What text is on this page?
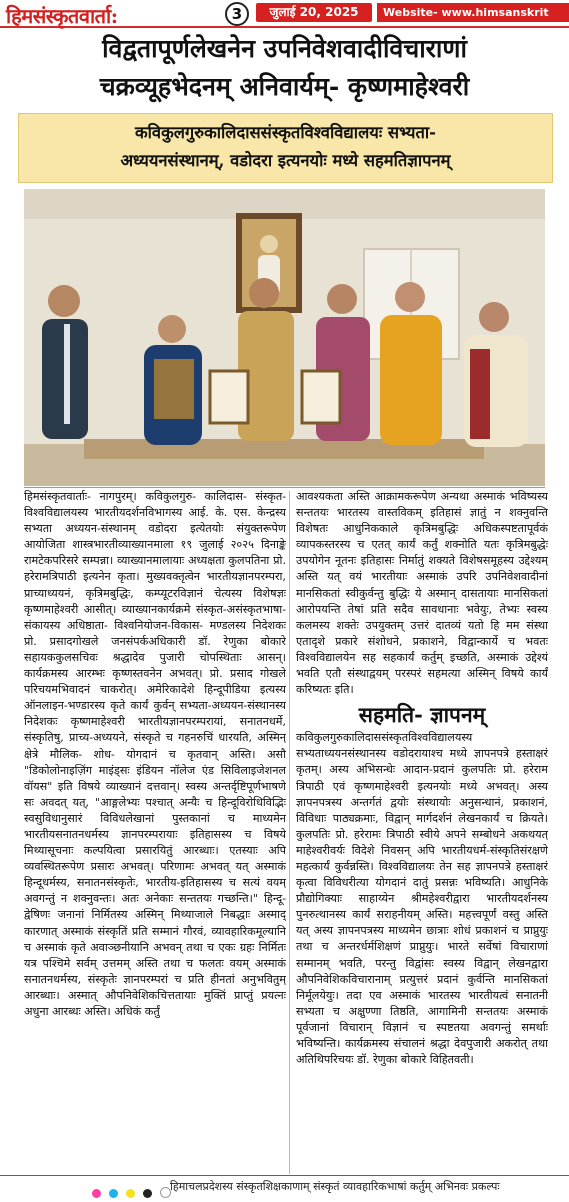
हिमसंस्कृतवार्ता:	3	जुलाई 20, 2025	Website- www.himsanskrit
विद्वतापूर्णलेखनेन उपनिवेशवादीविचाराणां
चक्रव्यूहभेदनम् अनिवार्यम्- कृष्णमाहेश्वरी
कविकुलगुरुकालिदाससंस्कृतविश्वविद्यालयः सभ्यता-
अध्ययनसंस्थानम्, वडोदरा इत्यनयोः मध्ये सहमतिज्ञापनम्

हिमसंस्कृतवार्ताः- नागपुरम्। कविकुलगुरु- कालिदास- संस्कृत- विश्वविद्यालयस्य भारतीयदर्शनविभागस्य आई. के. एस. केन्द्रस्य सभ्यता अध्ययन-संस्थानम् वडोदरा इत्येतयोः संयुक्तरूपेण आयोजिता शास्त्रभारतीव्याख्यानमाला १९ जुलाई २०२५ दिनाङ्के रामटेकपरिसरे सम्पन्ना। व्याख्यानमालायाः अध्यक्षता कुलपतिना प्रो. हरेरामत्रिपाठी इत्यनेन कृता। मुख्यवक्तृत्वेन भारतीयज्ञानपरम्परा, प्राच्याध्ययनं, कृत्रिमबुद्धिः, कम्प्यूटरविज्ञानं चेत्यस्य विशेषज्ञः कृष्णमाहेश्वरी आसीत्। व्याख्यानकार्यक्रमे संस्कृत-असंस्कृतभाषा- संकायस्य अधिष्ठाता- विश्वनियोजन-विकास- मण्डलस्य निदेशकः प्रो. प्रसादगोखले जनसंपर्कअधिकारी डॉ. रेणुका बोकारे सहायककुलसचिवः श्रद्धादेव पुजारी चोपस्थिताः आसन्। कार्यक्रमस्य आरम्भः कृष्णस्तवनेन अभवत्। प्रो. प्रसाद गोखले परिचयमभिवादनं चाकरोत्। अमेरिकादेशे हिन्दूपीडिया इत्यस्य ऑनलाइन-भण्डारस्य कृते कार्यं कुर्वन् सभ्यता-अध्ययन-संस्थानस्य निदेशकः कृष्णमाहेश्वरी भारतीयज्ञानपरम्परायां, सनातनधर्मे, संस्कृतिषु, प्राच्य-अध्ययने, संस्कृते च गहनरुचिं धारयति, अस्मिन् क्षेत्रे मौलिक- शोध- योगदानं च कृतवान् अस्ति। असौ "डिकोलोनाइज़िंग माइंड्सः इंडियन नॉलेज एंड सिविलाइजेशनल वॉयस" इति विषये व्याख्यानं दत्तवान्। स्वस्य अन्तर्दृष्टिपूर्णभाषणे सः अवदत् यत्, "आङ्गलेभ्यः पश्चात् अन्यैः च हिन्दूविरोधिविद्भिः स्वसुविधानुसारं विविधलेखानां पुस्तकानां च माध्यमेन भारतीयसनातनधर्मस्य ज्ञानपरम्परायाः इतिहासस्य च विषये मिथ्यासूचनाः कल्पयित्वा प्रसारयितुं आरब्धाः। एतस्याः अपि व्यवस्थितरूपेण प्रसारः अभवत्। परिणामः अभवत् यत् अस्माकं हिन्दूधर्मस्य, सनातनसंस्कृतेः, भारतीय-इतिहासस्य च सत्यं वयम् अवगन्तुं न शक्नुवन्तः। अतः अनेकाः सन्ततयः गच्छन्ति।" हिन्दू-द्वेषिणः जनानां निर्मितस्य अस्मिन् मिथ्याजाले निबद्धाः अस्माद् कारणात् अस्माकं संस्कृतिं प्रति सम्मानं गौरवं, व्यावहारिकमूल्यानि च अस्माकं कृते अवाञ्छनीयानि अभवन् तथा च एकः ग्रहः निर्मितः यत्र पश्चिमे सर्वम् उत्तमम् अस्ति तथा च फलतः वयम् अस्माकं सनातनधर्मस्य, संस्कृतेः ज्ञानपरम्परां च प्रति हीनतां अनुभवितुम् आरब्धाः। अस्मात् औपनिवेशिकचित्ततायाः मुक्तिं प्राप्तुं प्रयत्नः अधुना आरब्धः अस्ति। अधिकं कर्तुं

आवश्यकता अस्ति आक्रामकरूपेण अन्यथा अस्माकं भविष्यस्य सन्ततयः भारतस्य वास्तविकम् इतिहासं ज्ञातुं न शक्नुवन्ति विशेषतः आधुनिककाले कृत्रिमबुद्धिः अधिकस्पष्टतापूर्वकं व्यापकस्तरस्य च एतत् कार्यं कर्तुं शक्नोति यतः कृत्रिमबुद्धेः उपयोगेन नूतनः इतिहासः निर्मातुं शक्यते विशेषसमूहस्य उद्देश्यम् अस्ति यत् वयं भारतीयाः अस्माकं उपरि उपनिवेशवादीनां मानसिकतां स्वीकुर्वन्तु बुद्धिः ये अस्मान् दासतायाः मानसिकतां आरोपयन्ति तेषां प्रति सदैव सावधानाः भवेयुः, तेभ्यः स्वस्य कलमस्य शक्तेः उपयुक्तम् उत्तरं दातव्यं यतो हि मम संस्था एतादृशे प्रकारे संशोधने, प्रकाशने, विद्वान्कार्ये च भवतः विश्वविद्यालयेन सह सहकार्यं कर्तुम् इच्छति, अस्माकं उद्देश्यं भवति एतौ संस्थाद्वयम् परस्परं सहमत्या अस्मिन् विषये कार्यं करिष्यतः इति।

सहमति- ज्ञापनम्

कविकुलगुरुकालिदाससंस्कृतविश्वविद्यालयस्य सभ्यताध्ययनसंस्थानस्य वडोदरायाश्च मध्ये ज्ञापनपत्रे हस्ताक्षरं कृतम्। अस्य अभिसन्धेः आदान-प्रदानं कुलपतिः प्रो. हरेराम त्रिपाठी एवं कृष्णमाहेश्वरी इत्यनयोः मध्ये अभवत्। अस्य ज्ञापनपत्रस्य अन्तर्गतं द्वयोः संस्थायोः अनुसन्धानं, प्रकाशनं, विविधाः पाठ्यक्रमाः, विद्वान् मार्गदर्शनं लेखनकार्यं च क्रियते। कुलपतिः प्रो. हरेरामः त्रिपाठी स्वीये अपने सम्बोधने अकथयत् माहेश्वरीवर्यः विदेशे निवसन् अपि भारतीयधर्म-संस्कृतिसंरक्षणे महत्कार्यं कुर्वन्नस्ति। विश्वविद्यालयः तेन सह ज्ञापनपत्रे हस्ताक्षरं कृत्वा विविधरीत्या योगदानं दातुं प्रसन्नः भविष्यति। आधुनिके प्रौद्योगिक्याः साहाय्येन श्रीमहेश्वरीद्वारा भारतीयदर्शनस्य पुनरुत्थानस्य कार्यं सराहनीयम् अस्ति। महत्त्वपूर्णं वस्तु अस्ति यत् अस्य ज्ञापनपत्रस्य माध्यमेन छात्राः शोधं प्रकाशनं च प्राप्नुयुः तथा च अन्तरर्धर्मशिक्षणं प्राप्नुयुः। भारते सर्वेषां विचाराणां सम्मानम् भवति, परन्तु विद्वांसः स्वस्य विद्वान् लेखनद्वारा औपनिवेशिकविचारानाम् प्रत्युत्तरं प्रदानं कुर्वन्ति मानसिकतां निर्मूलयेयुः। तदा एव अस्माकं भारतस्य भारतीयत्वं सनातनी सभ्यता च अक्षुण्णा तिष्ठति, आगामिनी सन्ततयः अस्माकं पूर्वजानां विचारान् विज्ञानं च स्पष्टतया अवगन्तुं समर्थाः भविष्यन्ति। कार्यक्रमस्य संचालनं श्रद्धा देवपुजारी अकरोत् तथा अतिथिपरिचयः डॉ. रेणुका बोकारे विहितवती।

हिमाचलप्रदेशस्य संस्कृतशिक्षकाणाम् संस्कृतं व्यावहारिकभाषां कर्तुम् अभिनवः प्रकल्पः
